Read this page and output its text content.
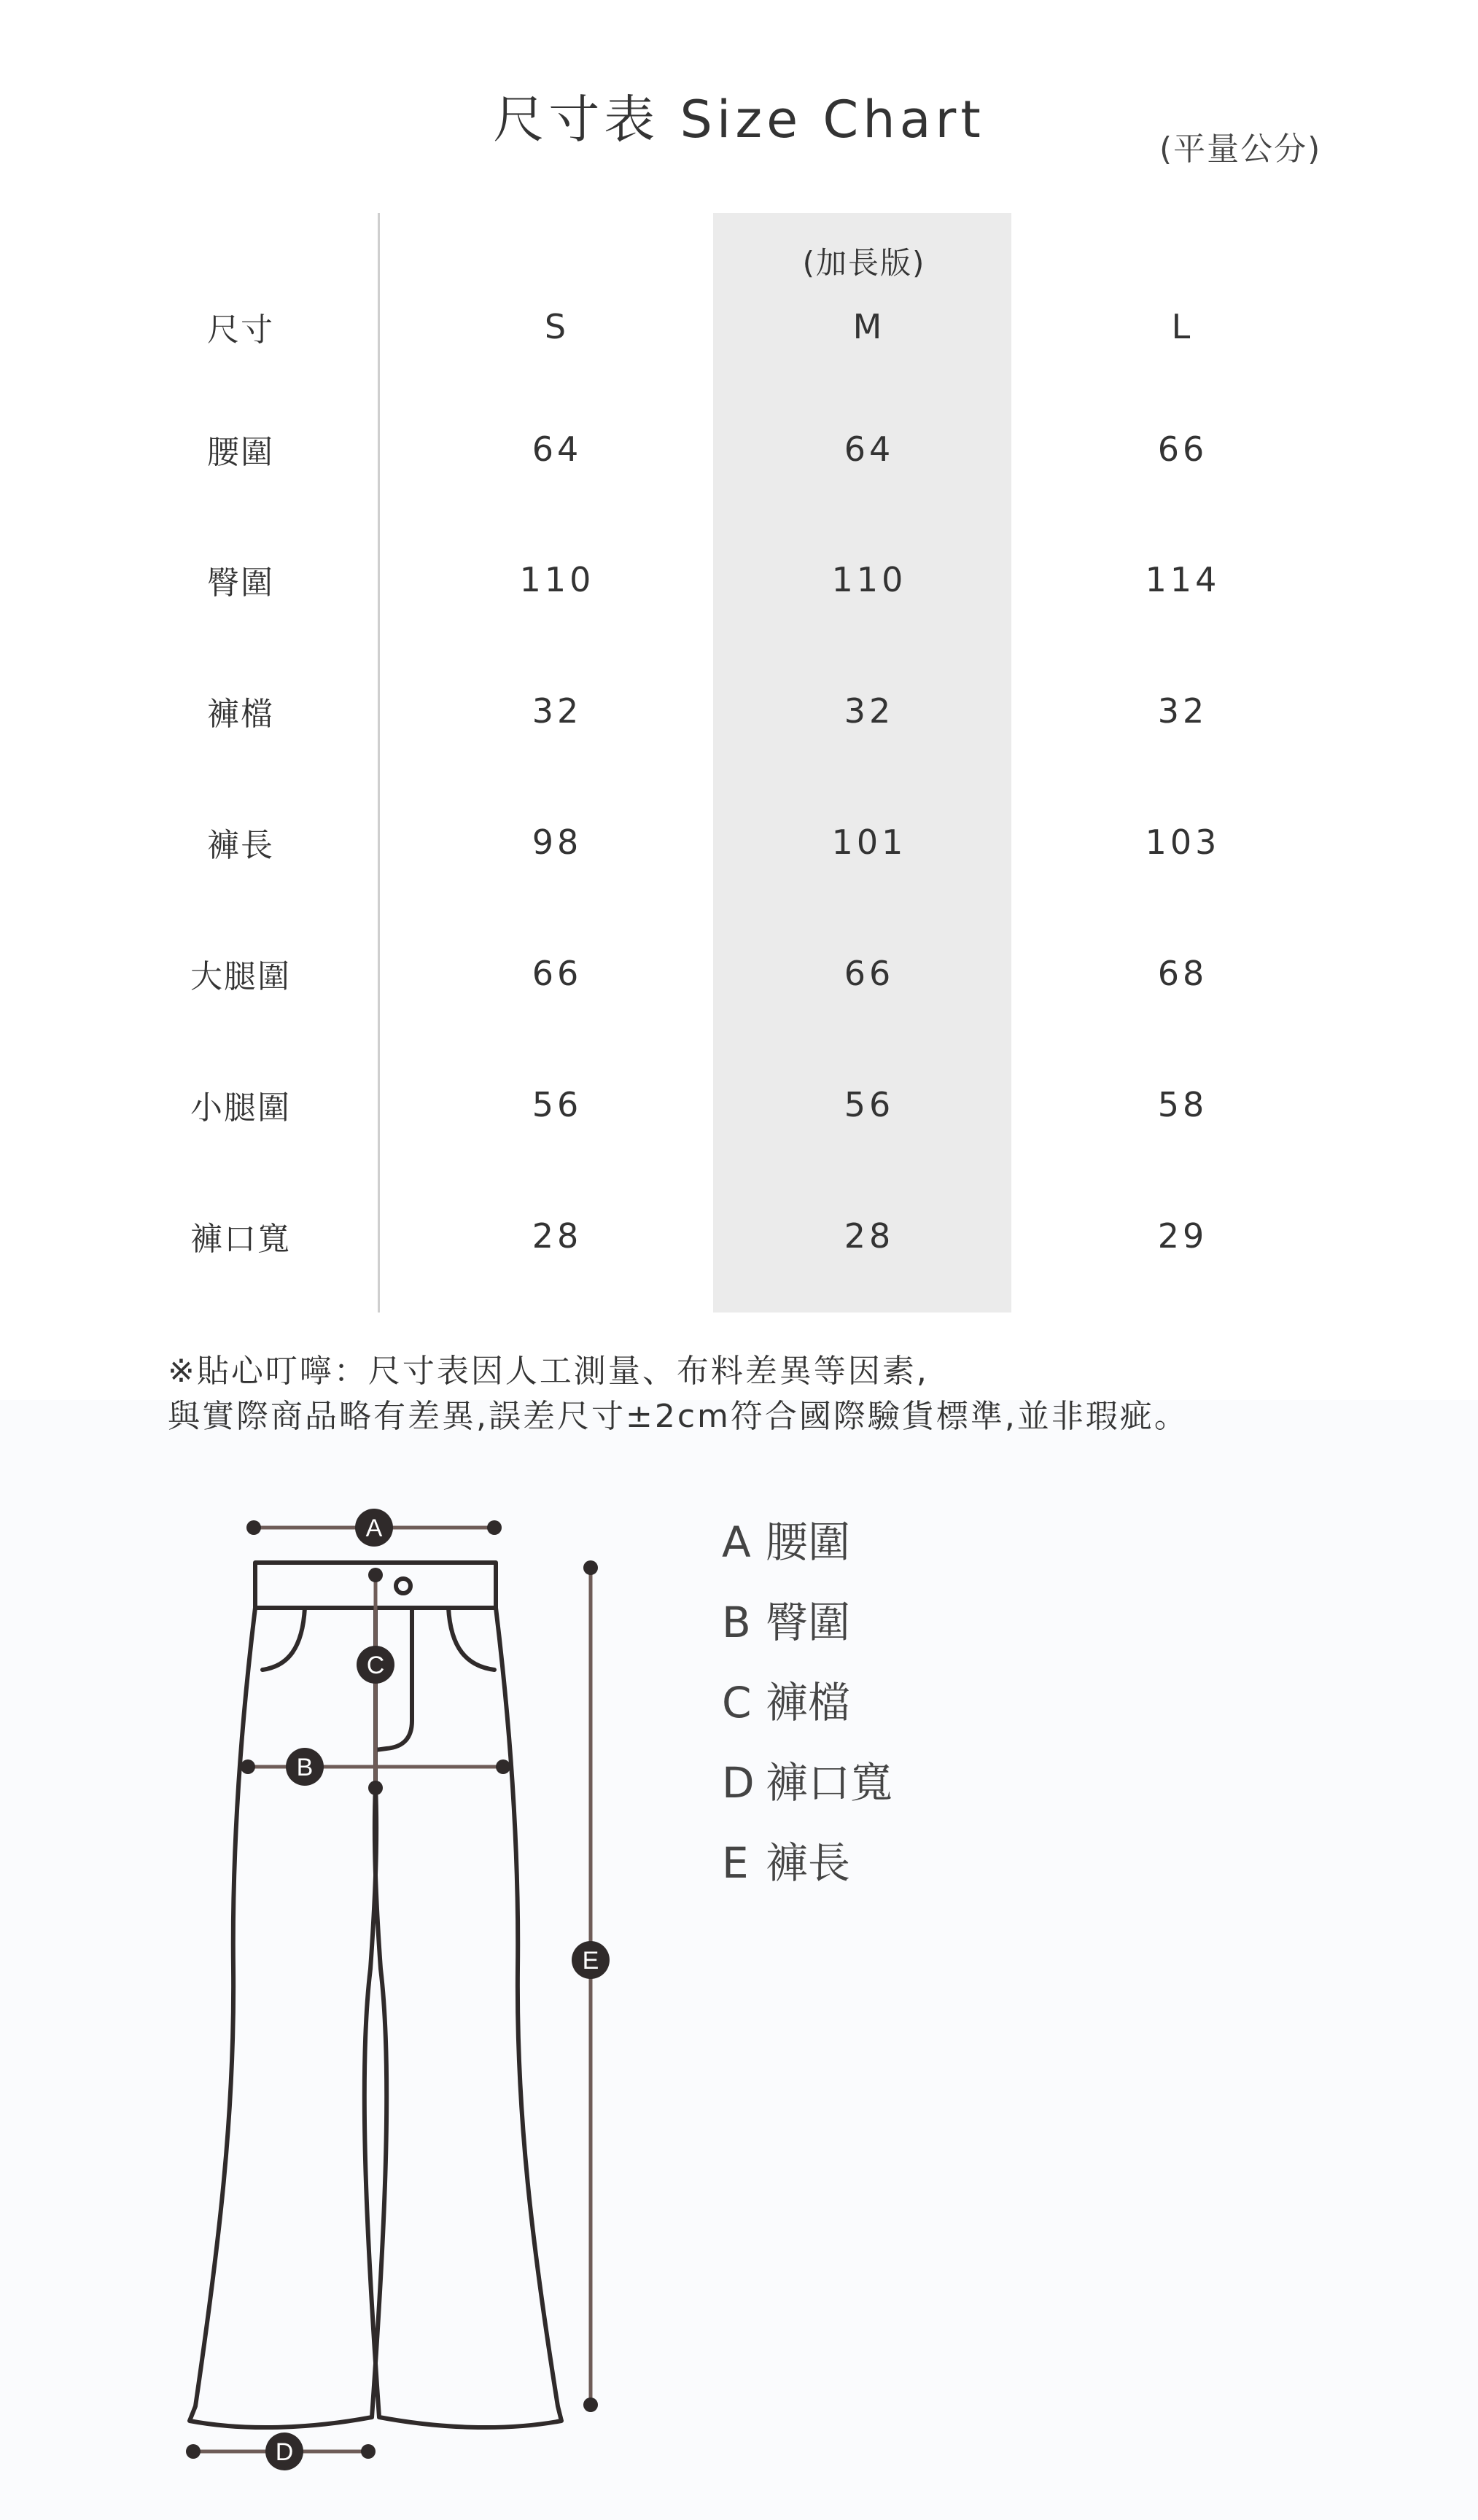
尺寸表 Size Chart	(平量公分)
(加長版)
尺寸	S	M	L
腰圍	64	64	66
臀圍	110	110	114
褲檔	32	32	32
褲長	98	101	103
大腿圍	66	66	68
小腿圍	56	56	58
褲口寬	28	28	29
※貼心叮嚀：尺寸表因人工測量、布料差異等因素,
與實際商品略有差異,誤差尺寸±2cm符合國際驗貨標準,並非瑕疵。
A 腰圍
B 臀圍
C 褲檔
D 褲口寬
E 褲長
A
C
B
E
D
